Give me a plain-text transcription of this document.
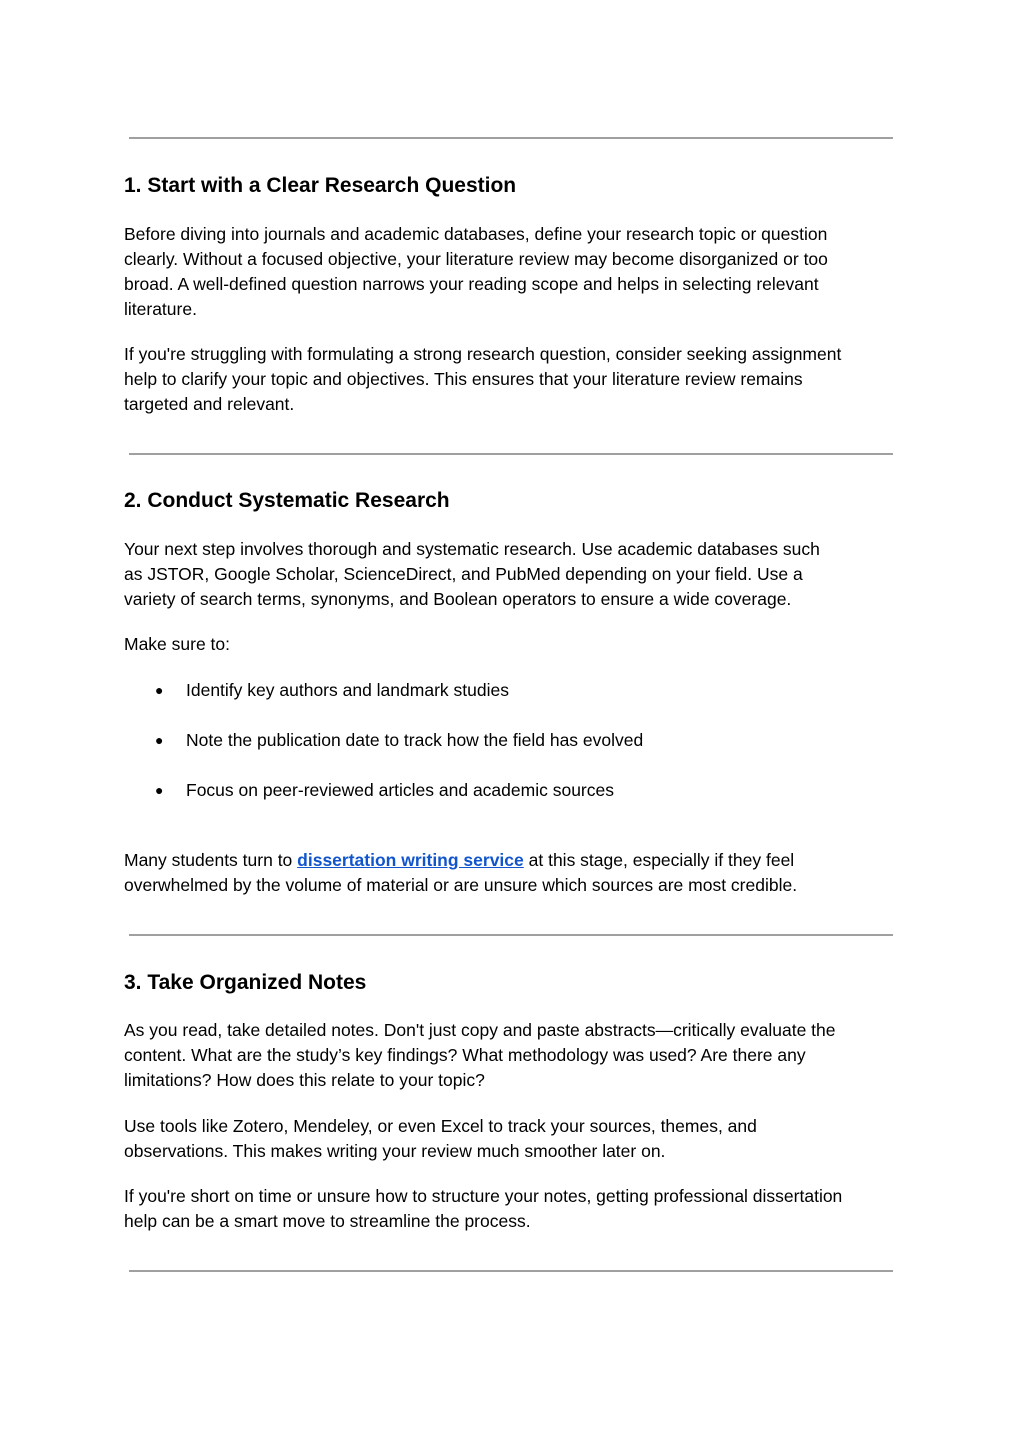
1. Start with a Clear Research Question

Before diving into journals and academic databases, define your research topic or question
clearly. Without a focused objective, your literature review may become disorganized or too
broad. A well-defined question narrows your reading scope and helps in selecting relevant
literature.

If you're struggling with formulating a strong research question, consider seeking assignment
help to clarify your topic and objectives. This ensures that your literature review remains
targeted and relevant.

2. Conduct Systematic Research

Your next step involves thorough and systematic research. Use academic databases such
as JSTOR, Google Scholar, ScienceDirect, and PubMed depending on your field. Use a
variety of search terms, synonyms, and Boolean operators to ensure a wide coverage.

Make sure to:

● Identify key authors and landmark studies
● Note the publication date to track how the field has evolved
● Focus on peer-reviewed articles and academic sources

Many students turn to dissertation writing service at this stage, especially if they feel
overwhelmed by the volume of material or are unsure which sources are most credible.

3. Take Organized Notes

As you read, take detailed notes. Don't just copy and paste abstracts—critically evaluate the
content. What are the study’s key findings? What methodology was used? Are there any
limitations? How does this relate to your topic?

Use tools like Zotero, Mendeley, or even Excel to track your sources, themes, and
observations. This makes writing your review much smoother later on.

If you're short on time or unsure how to structure your notes, getting professional dissertation
help can be a smart move to streamline the process.
